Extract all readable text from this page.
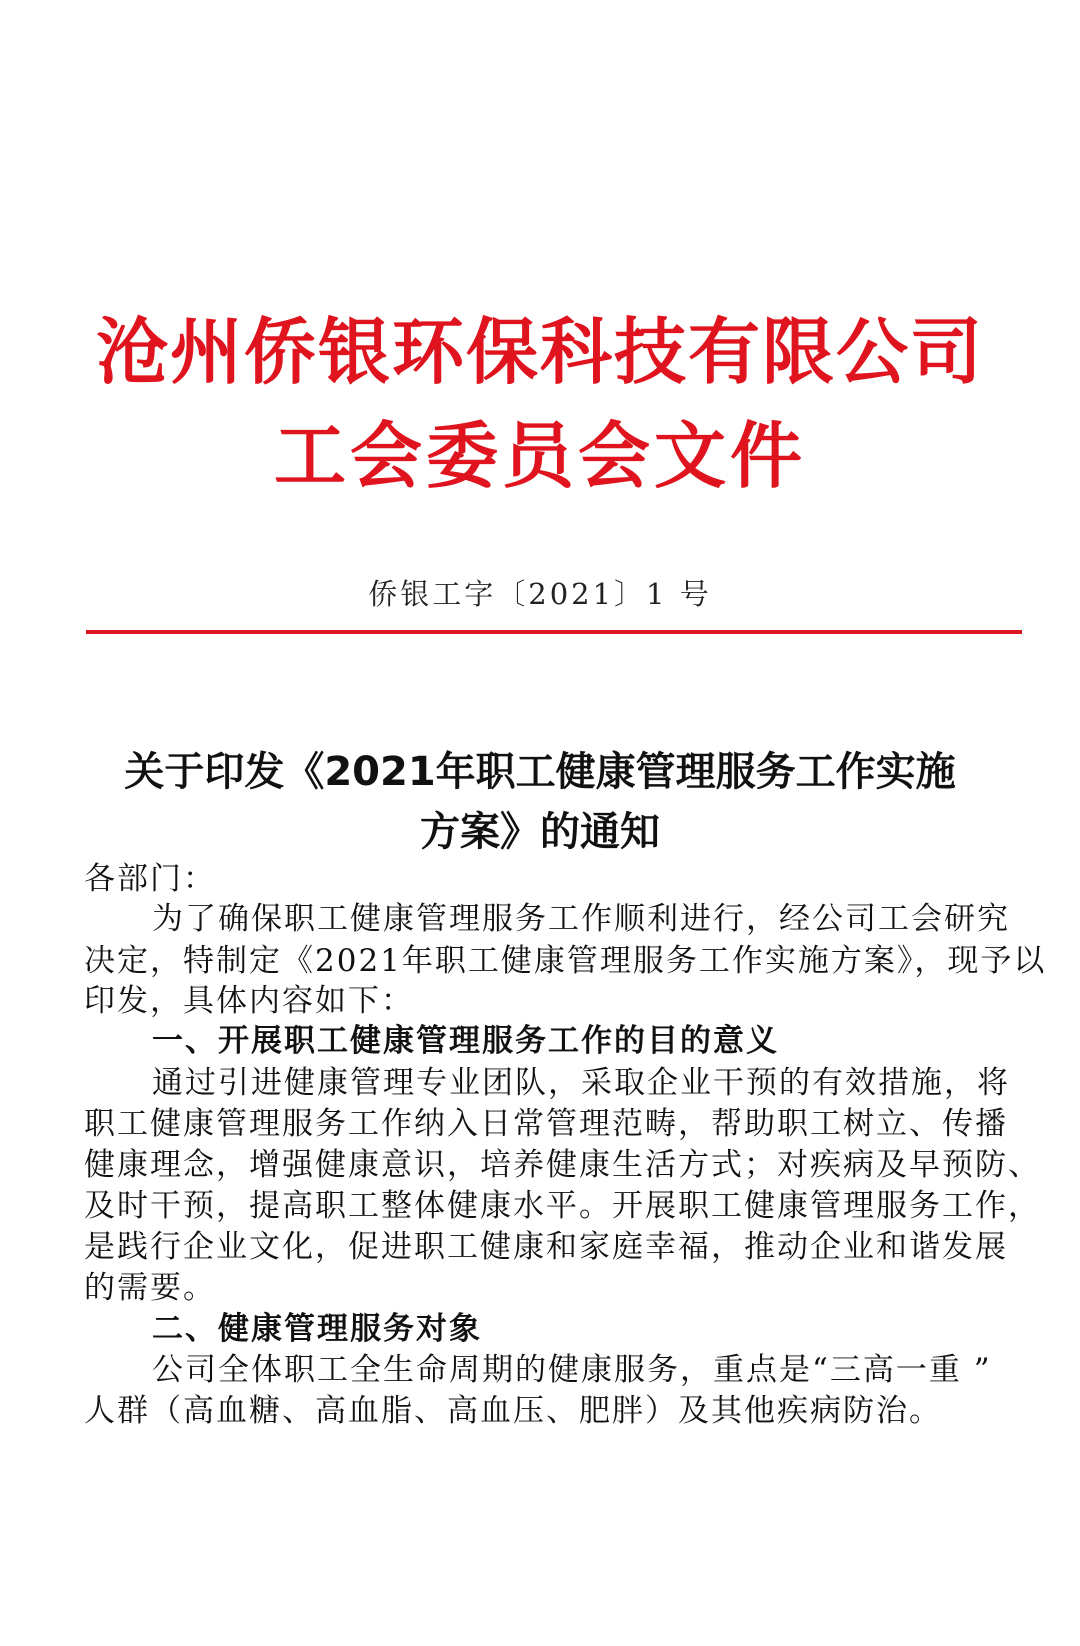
沧州侨银环保科技有限公司
工会委员会文件
侨银工字〔2021〕1 号
关于印发《2021年职工健康管理服务工作实施
方案》的通知
各部门：
为了确保职工健康管理服务工作顺利进行，经公司工会研究
决定，特制定《2021年职工健康管理服务工作实施方案》，现予以
印发，具体内容如下：
一、开展职工健康管理服务工作的目的意义
通过引进健康管理专业团队，采取企业干预的有效措施，将
职工健康管理服务工作纳入日常管理范畴，帮助职工树立、传播
健康理念，增强健康意识，培养健康生活方式；对疾病及早预防、
及时干预，提高职工整体健康水平。开展职工健康管理服务工作，
是践行企业文化，促进职工健康和家庭幸福，推动企业和谐发展
的需要。
二、健康管理服务对象
公司全体职工全生命周期的健康服务，重点是“三高一重 ”
人群（高血糖、高血脂、高血压、肥胖）及其他疾病防治。
